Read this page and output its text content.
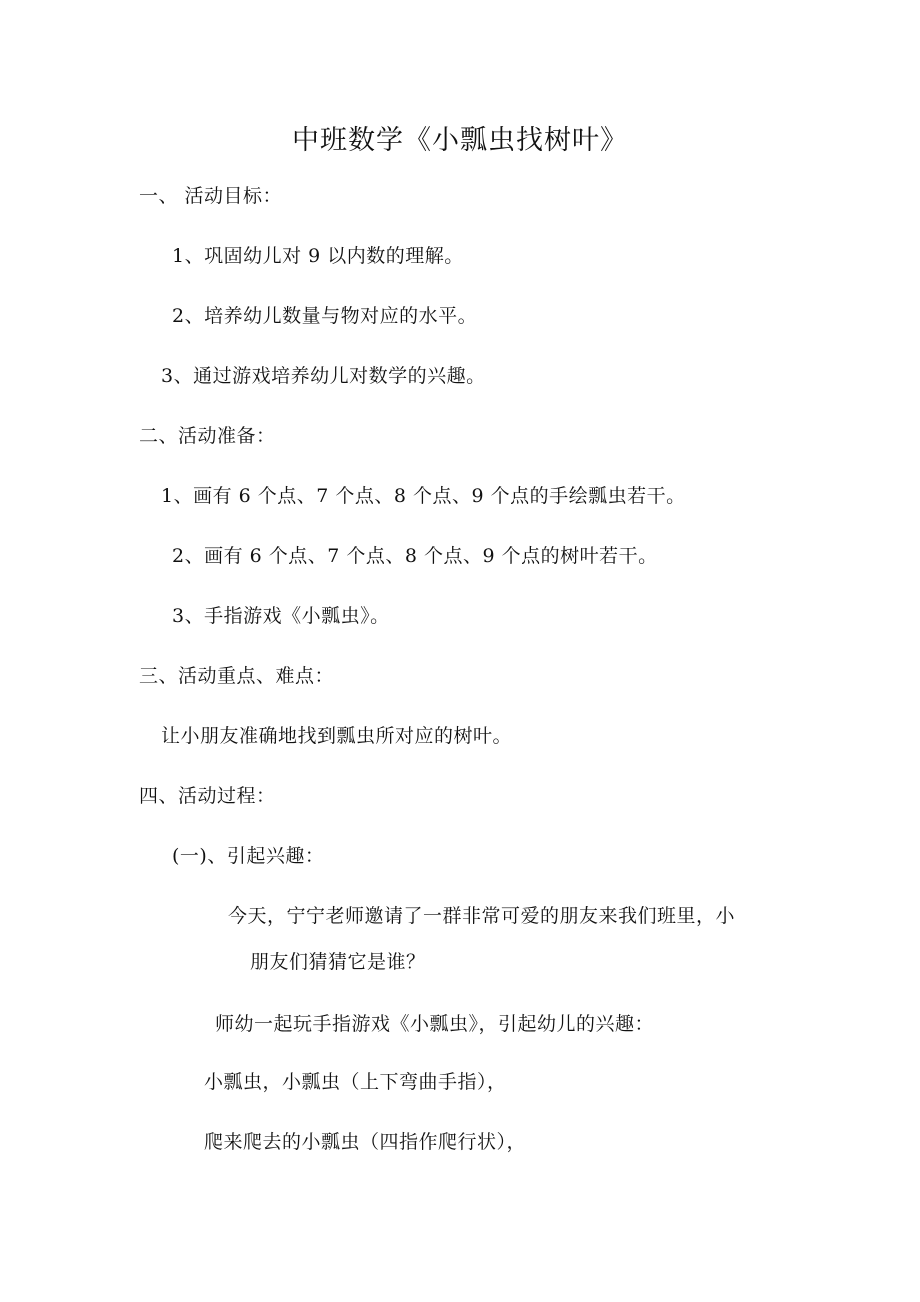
中班数学《小瓢虫找树叶》
一、 活动目标：
1、巩固幼儿对 9 以内数的理解。
2、培养幼儿数量与物对应的水平。
3、通过游戏培养幼儿对数学的兴趣。
二、活动准备：
1、画有 6 个点、7 个点、8 个点、9 个点的手绘瓢虫若干。
2、画有 6 个点、7 个点、8 个点、9 个点的树叶若干。
3、手指游戏《小瓢虫》。
三、活动重点、难点：
让小朋友准确地找到瓢虫所对应的树叶。
四、活动过程：
(一)、引起兴趣：
今天，宁宁老师邀请了一群非常可爱的朋友来我们班里，小
朋友们猜猜它是谁？
师幼一起玩手指游戏《小瓢虫》，引起幼儿的兴趣：
小瓢虫，小瓢虫（上下弯曲手指），
爬来爬去的小瓢虫（四指作爬行状），
